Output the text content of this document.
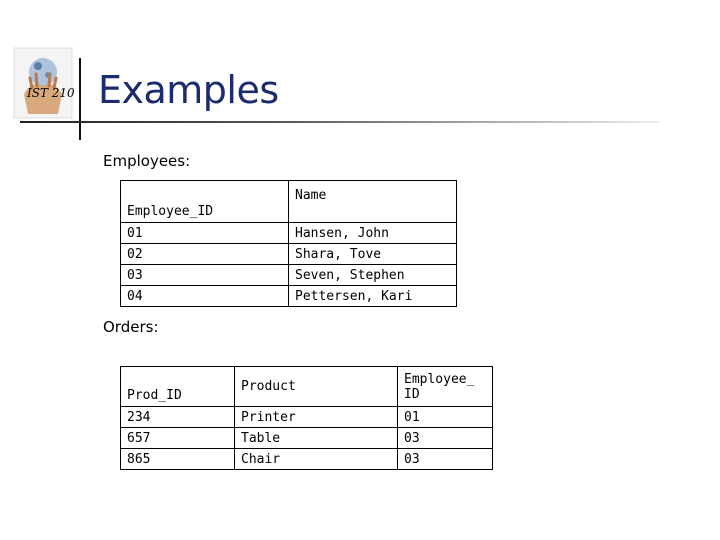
IST 210 Examples
Employees:
Employee_ID	Name
01	Hansen, John
02	Shara, Tove
03	Seven, Stephen
04	Pettersen, Kari
Orders:
Prod_ID	Product	Employee_ ID
234	Printer	01
657	Table	03
865	Chair	03
